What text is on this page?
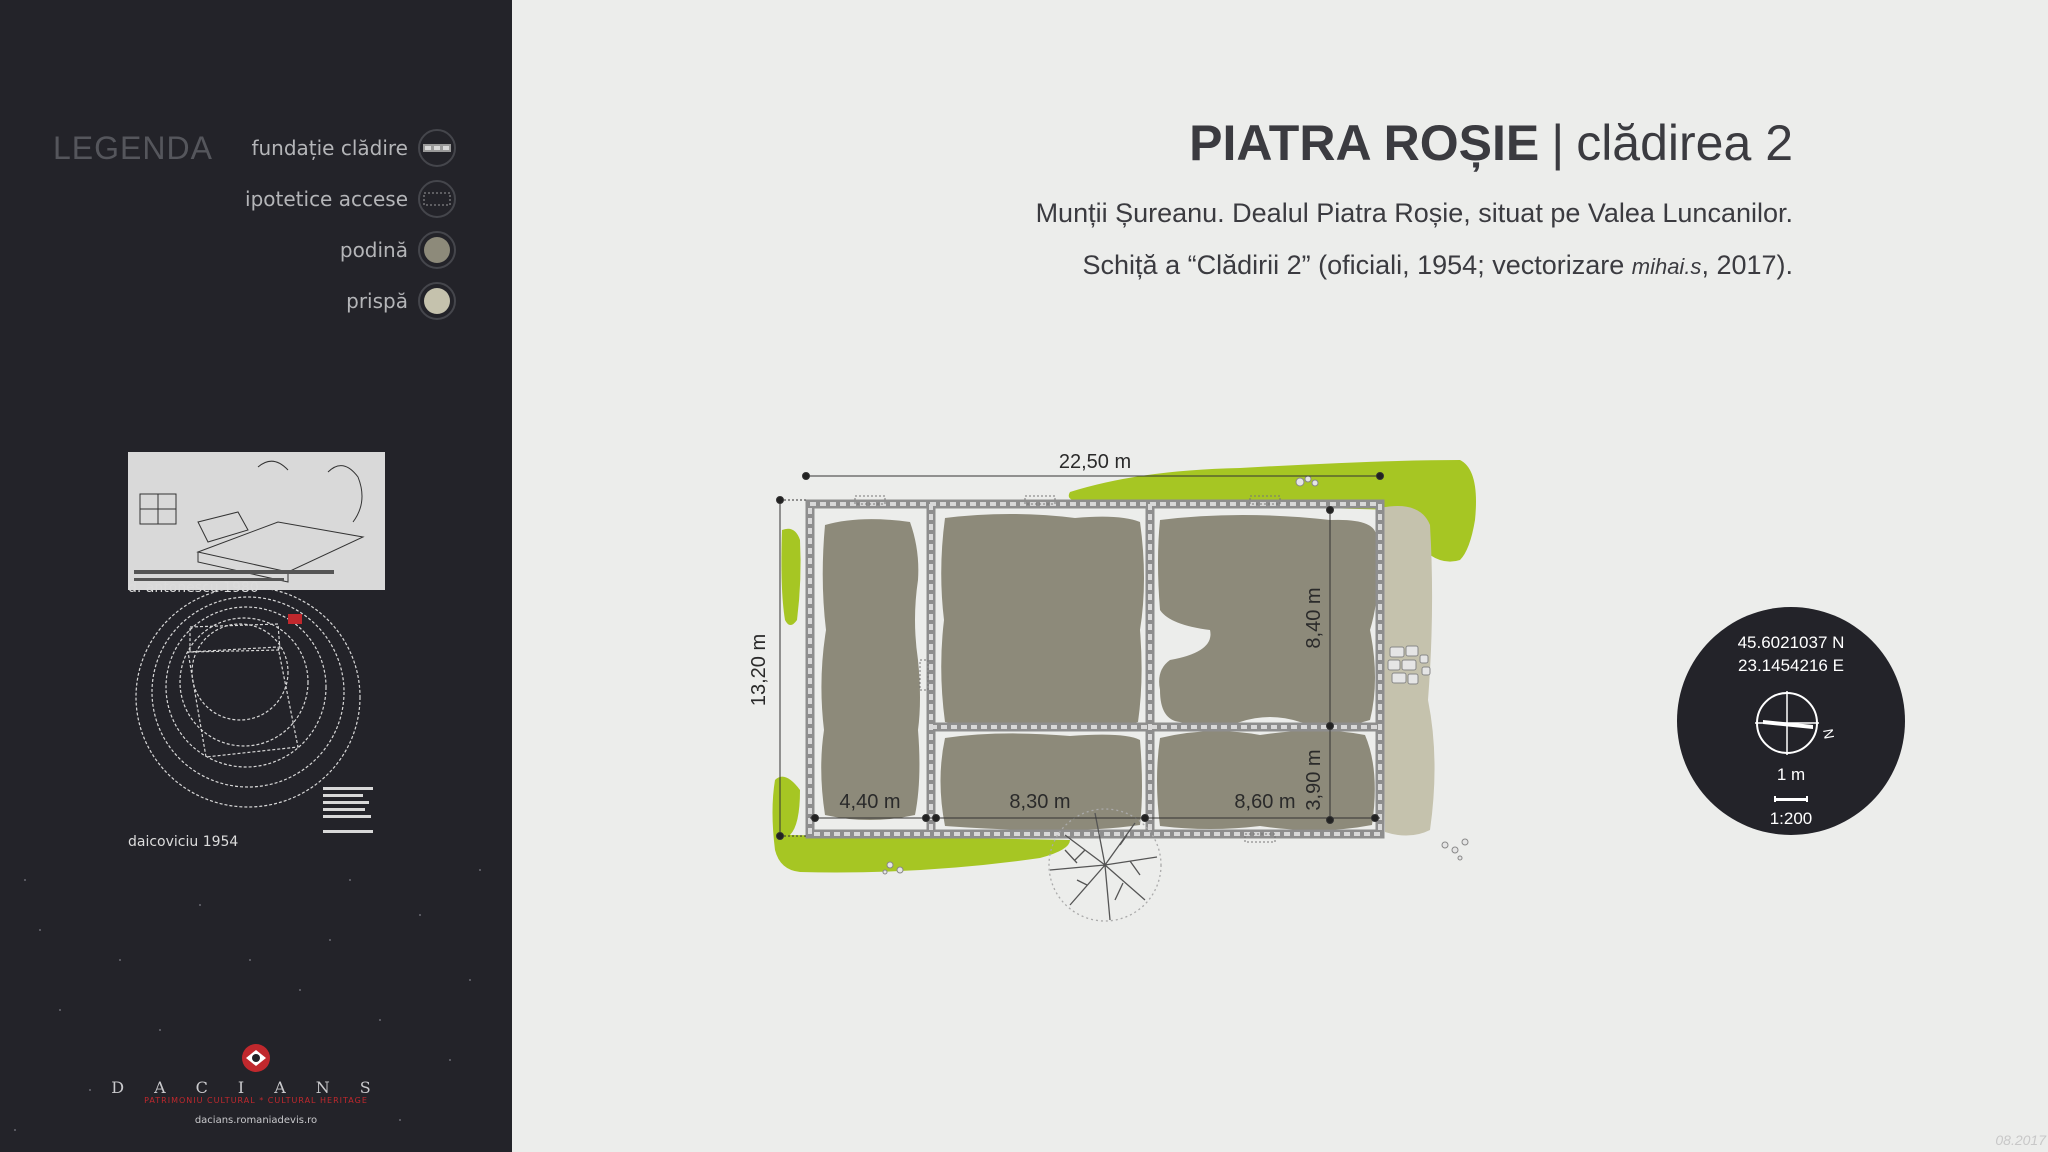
LEGENDA fundație clădire
ipotetice accese
podină
prispă
d. antonescu 1980
daicoviciu 1954
DACIANS
PATRIMONIU CULTURAL * CULTURAL HERITAGE
dacians.romaniadevis.ro
PIATRA ROȘIE | clădirea 2
Munții Șureanu. Dealul Piatra Roșie, situat pe Valea Luncanilor.
Schiță a “Clădirii 2” (oficiali, 1954; vectorizare mihai.s, 2017).
22,50 m
13,20 m
8,40 m
3,90 m
4,40 m	8,30 m	8,60 m
45.6021037 N
23.1454216 E
N
1 m
1:200
08.2017
